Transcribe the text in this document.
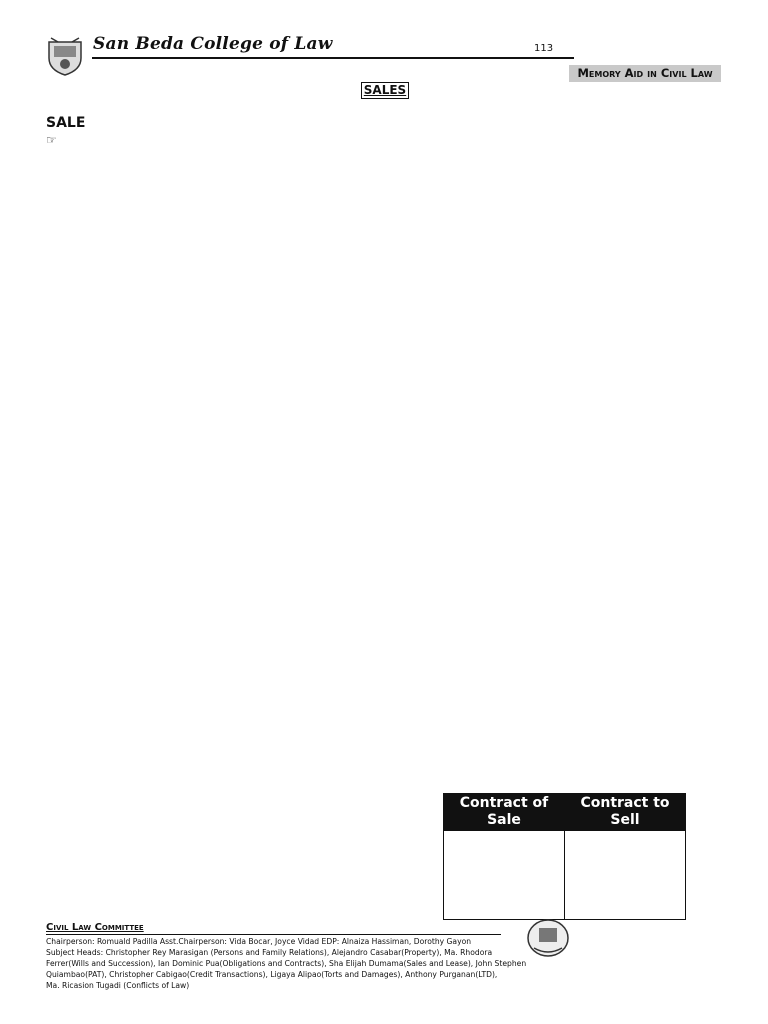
San Beda College of Law	113
Memory Aid in Civil Law
SALES
Contract of Sale	Contract to Sell

Civil Law Committee
Chairperson: Romuald Padilla Asst.Chairperson: Vida Bocar, Joyce Vidad EDP: Alnaiza Hassiman, Dorothy Gayon
Subject Heads: Christopher Rey Marasigan (Persons and Family Relations), Alejandro Casabar(Property), Ma. Rhodora
Ferrer(Wills and Succession), Ian Dominic Pua(Obligations and Contracts), Sha Elijah Dumama(Sales and Lease), John Stephen
Quiambao(PAT), Christopher Cabigao(Credit Transactions), Ligaya Alipao(Torts and Damages), Anthony Purganan(LTD),
Ma. Ricasion Tugadi (Conflicts of Law)
SALE
☞
